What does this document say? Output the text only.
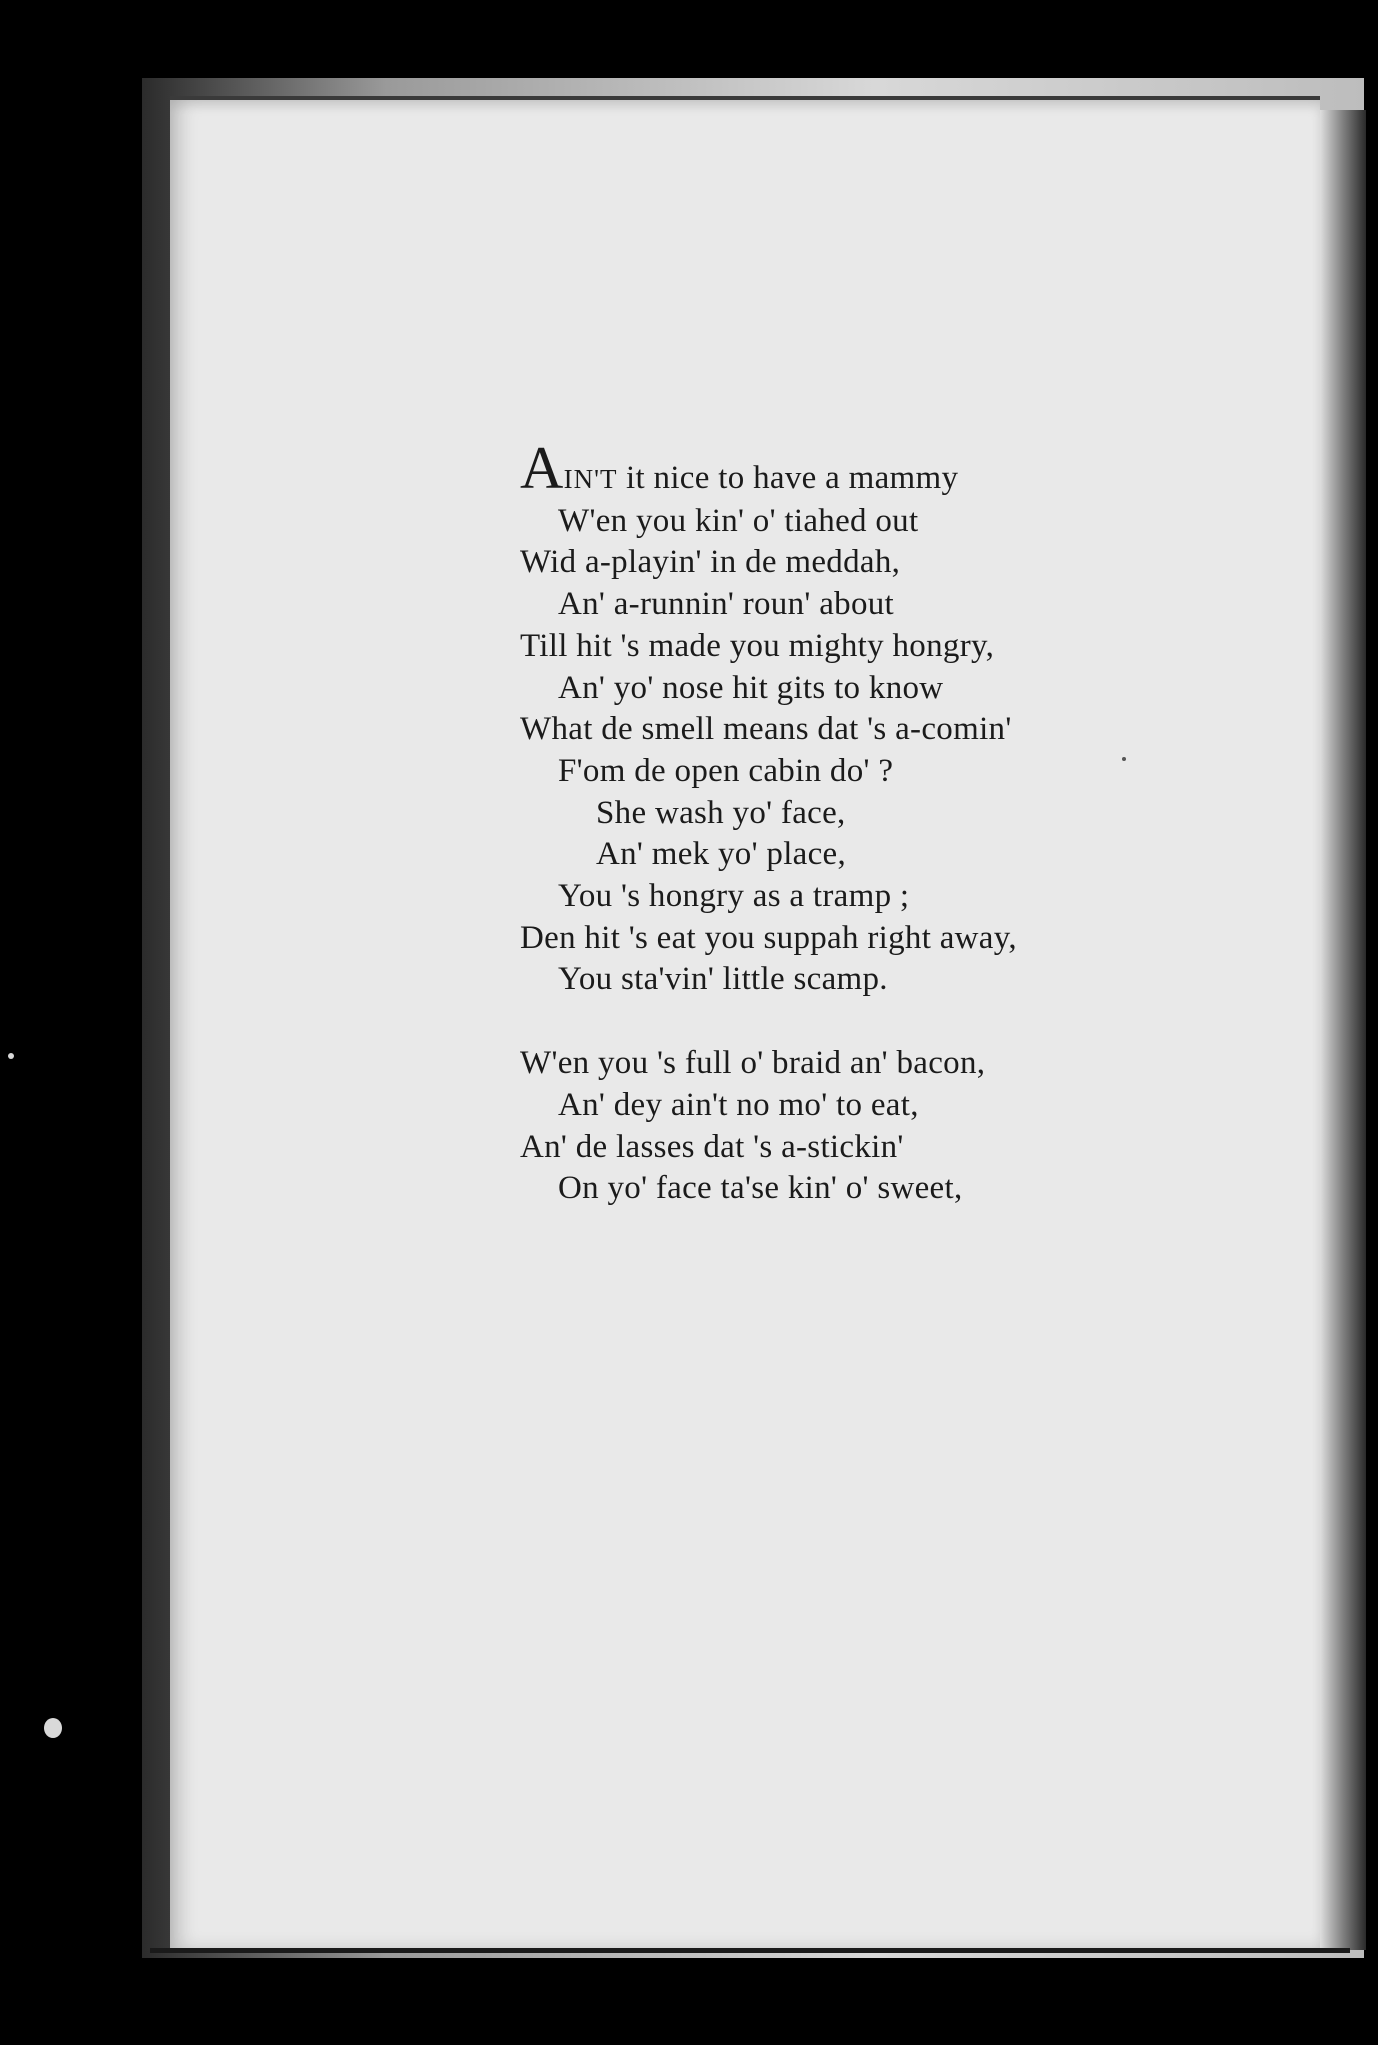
AIN'T it nice to have a mammy
W'en you kin' o' tiahed out
Wid a-playin' in de meddah,
An' a-runnin' roun' about
Till hit 's made you mighty hongry,
An' yo' nose hit gits to know
What de smell means dat 's a-comin'
F'om de open cabin do' ?
She wash yo' face,
An' mek yo' place,
You 's hongry as a tramp ;
Den hit 's eat you suppah right away,
You sta'vin' little scamp.
W'en you 's full o' braid an' bacon,
An' dey ain't no mo' to eat,
An' de lasses dat 's a-stickin'
On yo' face ta'se kin' o' sweet,
